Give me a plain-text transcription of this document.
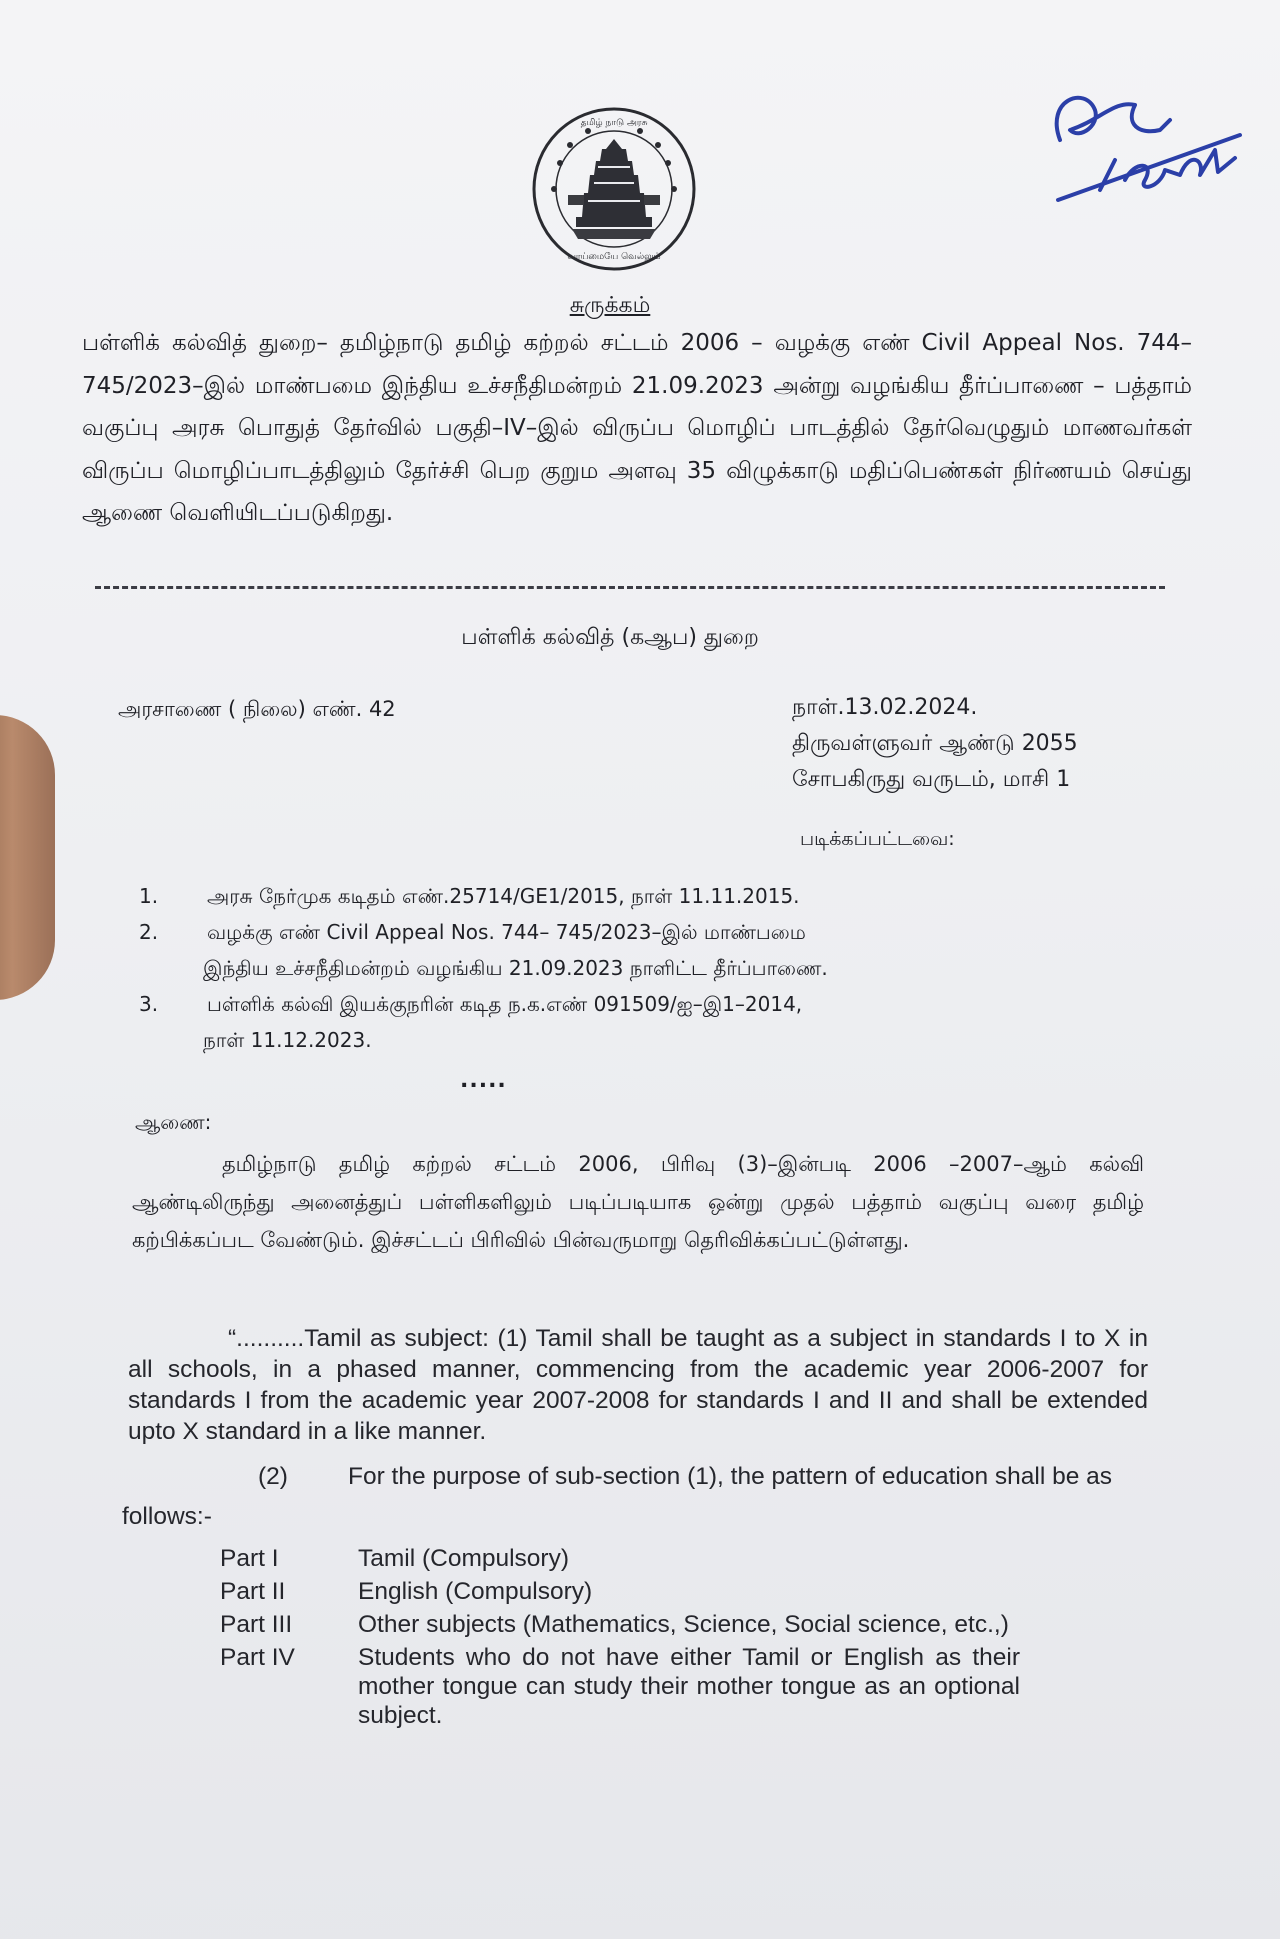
வாய்மையே வெல்லும்
தமிழ் நாடு அரசு

சுருக்கம்

பள்ளிக் கல்வித் துறை– தமிழ்நாடு தமிழ் கற்றல் சட்டம் 2006 – வழக்கு எண் Civil Appeal Nos. 744–745/2023–இல் மாண்பமை இந்திய உச்சநீதிமன்றம் 21.09.2023 அன்று வழங்கிய தீர்ப்பாணை – பத்தாம் வகுப்பு அரசு பொதுத் தேர்வில் பகுதி–IV–இல் விருப்ப மொழிப் பாடத்தில் தேர்வெழுதும் மாணவர்கள் விருப்ப மொழிப்பாடத்திலும் தேர்ச்சி பெற குறும அளவு 35 விழுக்காடு மதிப்பெண்கள் நிர்ணயம் செய்து ஆணை வெளியிடப்படுகிறது.

பள்ளிக் கல்வித் (கஆப) துறை

அரசாணை ( நிலை) எண். 42	நாள்.13.02.2024.
திருவள்ளுவர் ஆண்டு 2055
சோபகிருது வருடம், மாசி 1

படிக்கப்பட்டவை:

1.	அரசு நேர்முக கடிதம் எண்.25714/GE1/2015, நாள் 11.11.2015.
2.	வழக்கு எண் Civil Appeal Nos. 744– 745/2023–இல் மாண்பமை
இந்திய உச்சநீதிமன்றம் வழங்கிய 21.09.2023 நாளிட்ட தீர்ப்பாணை.
3.	பள்ளிக் கல்வி இயக்குநரின் கடித ந.க.எண் 091509/ஐ–இ1–2014,
நாள் 11.12.2023.

.....

ஆணை:

தமிழ்நாடு தமிழ் கற்றல் சட்டம் 2006, பிரிவு (3)–இன்படி 2006 –2007–ஆம் கல்வி ஆண்டிலிருந்து அனைத்துப் பள்ளிகளிலும் படிப்படியாக ஒன்று முதல் பத்தாம் வகுப்பு வரை தமிழ் கற்பிக்கப்பட வேண்டும். இச்சட்டப் பிரிவில் பின்வருமாறு தெரிவிக்கப்பட்டுள்ளது.

“..........Tamil as subject: (1) Tamil shall be taught as a subject in standards I to X in all schools, in a phased manner, commencing from the academic year 2006-2007 for standards I from the academic year 2007-2008 for standards I and II and shall be extended upto X standard in a like manner.

(2) For the purpose of sub-section (1), the pattern of education shall be as follows:-

Part I	Tamil (Compulsory)
Part II	English (Compulsory)
Part III	Other subjects (Mathematics, Science, Social science, etc.,)
Part IV	Students who do not have either Tamil or English as their mother tongue can study their mother tongue as an optional subject.
